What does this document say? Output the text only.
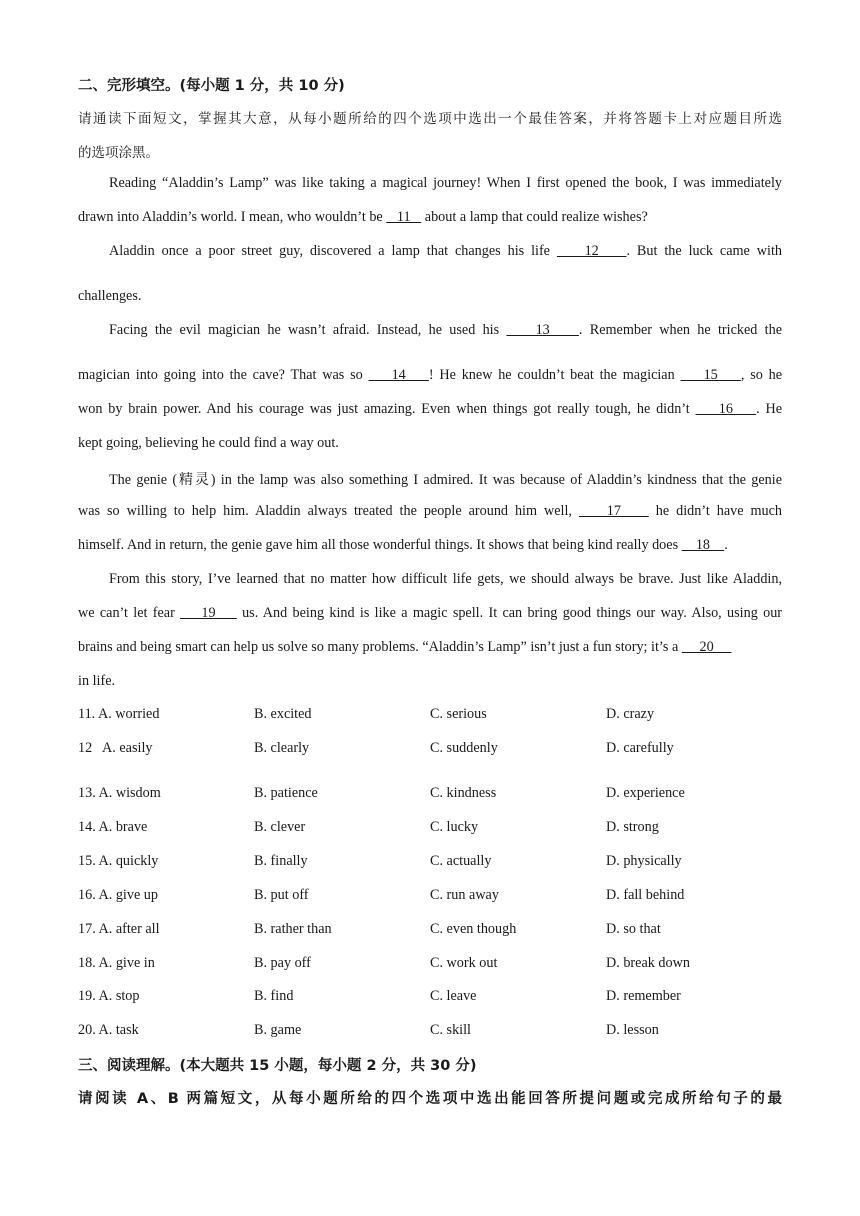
二、完形填空。(每小题 1 分，共 10 分)
请通读下面短文，掌握其大意，从每小题所给的四个选项中选出一个最佳答案，并将答题卡上对应题目所选
的选项涂黑。
Reading “Aladdin’s Lamp” was like taking a magical journey! When I first opened the book, I was immediately
drawn into Aladdin’s world. I mean, who wouldn’t be    11    about a lamp that could realize wishes?
Aladdin once a poor street guy, discovered a lamp that changes his life     12    . But the luck came with
challenges.
Facing the evil magician he wasn’t afraid. Instead, he used his     13    . Remember when he tricked the
magician into going into the cave? That was so     14    ! He knew he couldn’t beat the magician     15    , so he
won by brain power. And his courage was just amazing. Even when things got really tough, he didn’t     16    . He
kept going, believing he could find a way out.
The genie (精灵) in the lamp was also something I admired. It was because of Aladdin’s kindness that the genie
was so willing to help him. Aladdin always treated the people around him well,     17     he didn’t have much
himself. And in return, the genie gave him all those wonderful things. It shows that being kind really does     18    .
From this story, I’ve learned that no matter how difficult life gets, we should always be brave. Just like Aladdin,
we can’t let fear     19     us. And being kind is like a magic spell. It can bring good things our way. Also, using our
brains and being smart can help us solve so many problems. “Aladdin’s Lamp” isn’t just a fun story; it’s a      20
in life.
11. A. worried	B. excited	C. serious	D. crazy
12   A. easily	B. clearly	C. suddenly	D. carefully
13. A. wisdom	B. patience	C. kindness	D. experience
14. A. brave	B. clever	C. lucky	D. strong
15. A. quickly	B. finally	C. actually	D. physically
16. A. give up	B. put off	C. run away	D. fall behind
17. A. after all	B. rather than	C. even though	D. so that
18. A. give in	B. pay off	C. work out	D. break down
19. A. stop	B. find	C. leave	D. remember
20. A. task	B. game	C. skill	D. lesson
三、阅读理解。(本大题共 15 小题，每小题 2 分，共 30 分)
请阅读 A、B 两篇短文，从每小题所给的四个选项中选出能回答所提问题或完成所给句子的最
